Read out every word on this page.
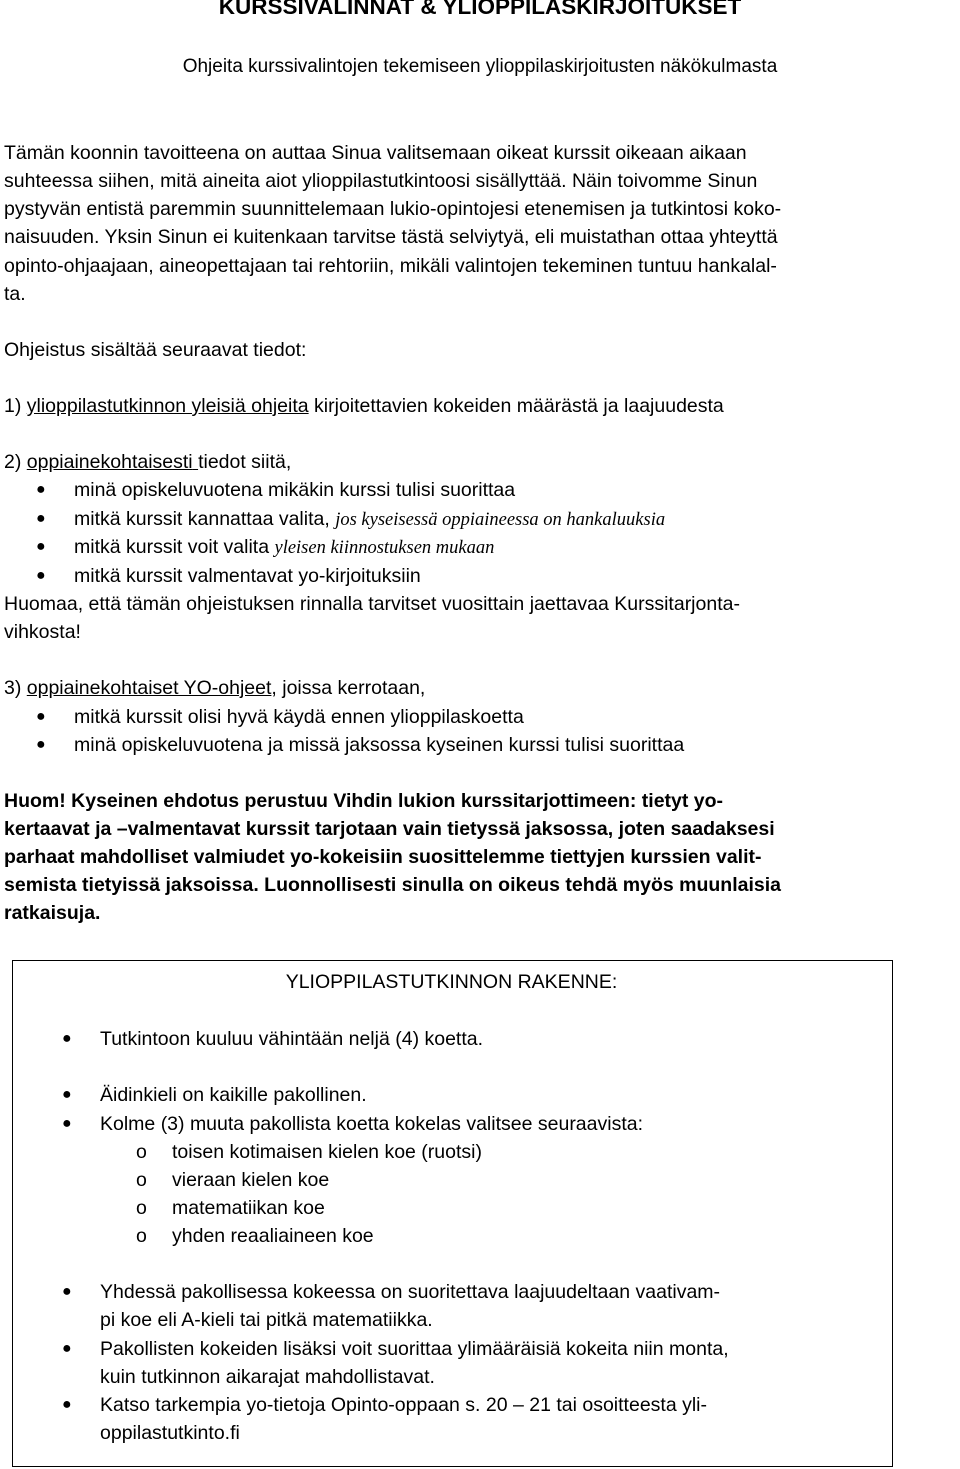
KURSSIVALINNAT & YLIOPPILASKIRJOITUKSET
Ohjeita kurssivalintojen tekemiseen ylioppilaskirjoitusten näkökulmasta
Tämän koonnin tavoitteena on auttaa Sinua valitsemaan oikeat kurssit oikeaan aikaan
suhteessa siihen, mitä aineita aiot ylioppilastutkintoosi sisällyttää. Näin toivomme Sinun
pystyvän entistä paremmin suunnittelemaan lukio-opintojesi etenemisen ja tutkintosi koko-
naisuuden. Yksin Sinun ei kuitenkaan tarvitse tästä selviytyä, eli muistathan ottaa yhteyttä
opinto-ohjaajaan, aineopettajaan tai rehtoriin, mikäli valintojen tekeminen tuntuu hankalal-
ta.
Ohjeistus sisältää seuraavat tiedot:
1) ylioppilastutkinnon yleisiä ohjeita kirjoitettavien kokeiden määrästä ja laajuudesta
2) oppiainekohtaisesti tiedot siitä,
● minä opiskeluvuotena mikäkin kurssi tulisi suorittaa
● mitkä kurssit kannattaa valita, jos kyseisessä oppiaineessa on hankaluuksia
● mitkä kurssit voit valita yleisen kiinnostuksen mukaan
● mitkä kurssit valmentavat yo-kirjoituksiin
Huomaa, että tämän ohjeistuksen rinnalla tarvitset vuosittain jaettavaa Kurssitarjonta-
vihkosta!
3) oppiainekohtaiset YO-ohjeet, joissa kerrotaan,
● mitkä kurssit olisi hyvä käydä ennen ylioppilaskoetta
● minä opiskeluvuotena ja missä jaksossa kyseinen kurssi tulisi suorittaa
Huom! Kyseinen ehdotus perustuu Vihdin lukion kurssitarjottimeen: tietyt yo-
kertaavat ja –valmentavat kurssit tarjotaan vain tietyssä jaksossa, joten saadaksesi
parhaat mahdolliset valmiudet yo-kokeisiin suosittelemme tiettyjen kurssien valit-
semista tietyissä jaksoissa. Luonnollisesti sinulla on oikeus tehdä myös muunlaisia
ratkaisuja.
YLIOPPILASTUTKINNON RAKENNE:
● Tutkintoon kuuluu vähintään neljä (4) koetta.
● Äidinkieli on kaikille pakollinen.
● Kolme (3) muuta pakollista koetta kokelas valitsee seuraavista:
o toisen kotimaisen kielen koe (ruotsi)
o vieraan kielen koe
o matematiikan koe
o yhden reaaliaineen koe
● Yhdessä pakollisessa kokeessa on suoritettava laajuudeltaan vaativam-
pi koe eli A-kieli tai pitkä matematiikka.
● Pakollisten kokeiden lisäksi voit suorittaa ylimääräisiä kokeita niin monta,
kuin tutkinnon aikarajat mahdollistavat.
● Katso tarkempia yo-tietoja Opinto-oppaan s. 20 – 21 tai osoitteesta yli-
oppilastutkinto.fi
